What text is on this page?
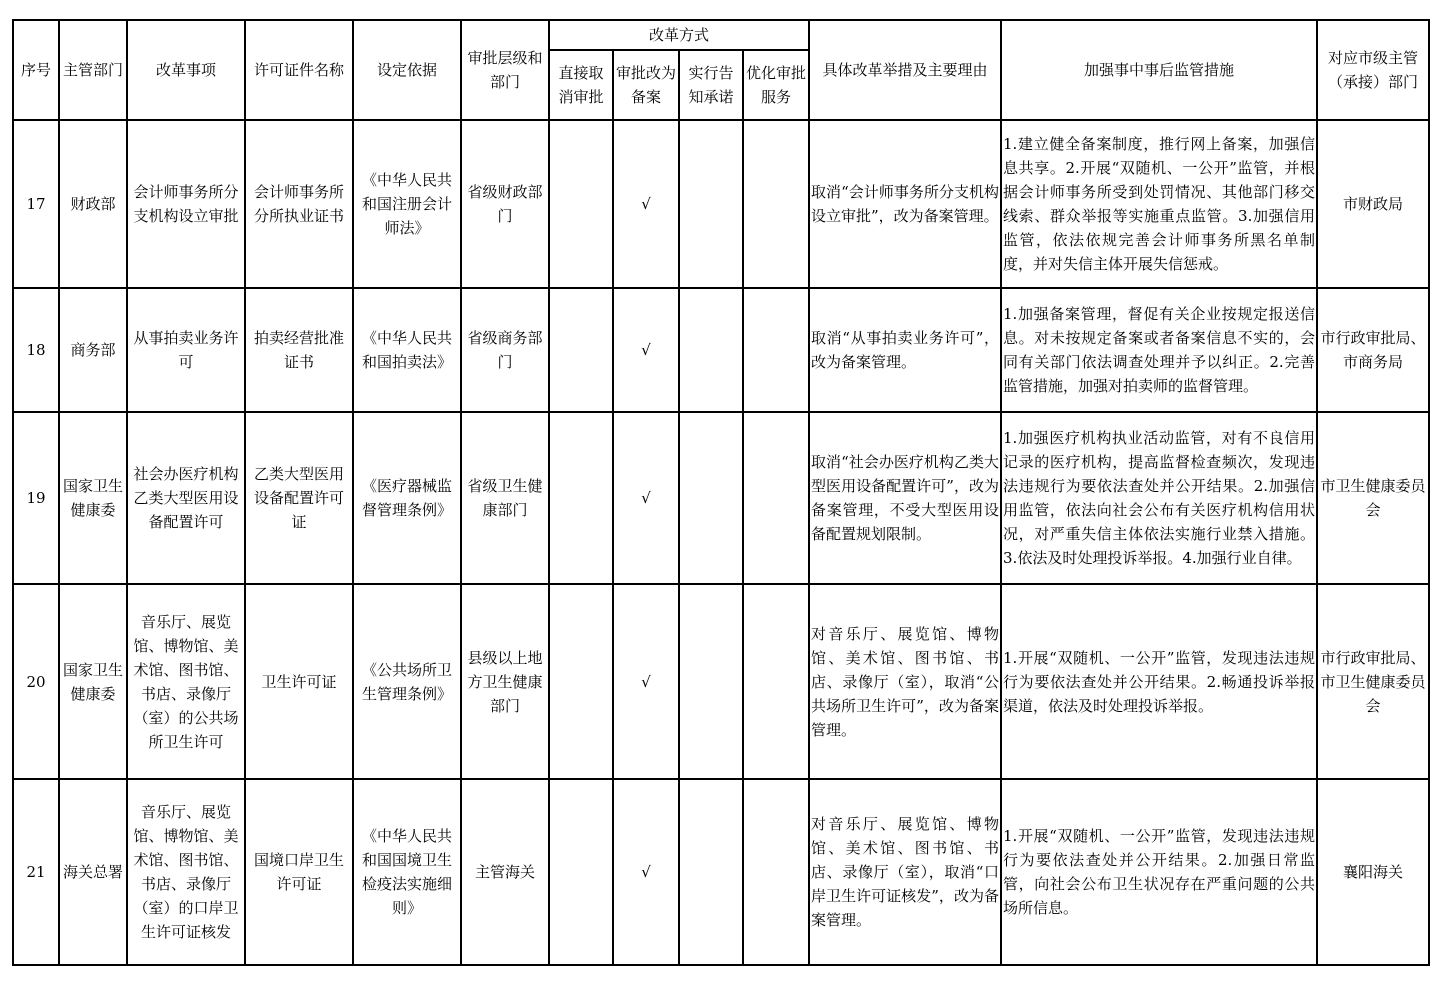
序号	主管部门	改革事项	许可证件名称	设定依据	审批层级和部门	改革方式				具体改革举措及主要理由	加强事中事后监管措施	对应市级主管（承接）部门
						直接取消审批	审批改为备案	实行告知承诺	优化审批服务			
17	财政部	会计师事务所分支机构设立审批	会计师事务所分所执业证书	《中华人民共和国注册会计师法》	省级财政部门		√			取消“会计师事务所分支机构设立审批”，改为备案管理。	1.建立健全备案制度，推行网上备案，加强信息共享。2.开展“双随机、一公开”监管，并根据会计师事务所受到处罚情况、其他部门移交线索、群众举报等实施重点监管。3.加强信用监管，依法依规完善会计师事务所黑名单制度，并对失信主体开展失信惩戒。	市财政局
18	商务部	从事拍卖业务许可	拍卖经营批准证书	《中华人民共和国拍卖法》	省级商务部门		√			取消“从事拍卖业务许可”，改为备案管理。	1.加强备案管理，督促有关企业按规定报送信息。对未按规定备案或者备案信息不实的，会同有关部门依法调查处理并予以纠正。2.完善监管措施，加强对拍卖师的监督管理。	市行政审批局、市商务局
19	国家卫生健康委	社会办医疗机构乙类大型医用设备配置许可	乙类大型医用设备配置许可证	《医疗器械监督管理条例》	省级卫生健康部门		√			取消“社会办医疗机构乙类大型医用设备配置许可”，改为备案管理，不受大型医用设备配置规划限制。	1.加强医疗机构执业活动监管，对有不良信用记录的医疗机构，提高监督检查频次，发现违法违规行为要依法查处并公开结果。2.加强信用监管，依法向社会公布有关医疗机构信用状况，对严重失信主体依法实施行业禁入措施。3.依法及时处理投诉举报。4.加强行业自律。	市卫生健康委员会
20	国家卫生健康委	音乐厅、展览馆、博物馆、美术馆、图书馆、书店、录像厅（室）的公共场所卫生许可	卫生许可证	《公共场所卫生管理条例》	县级以上地方卫生健康部门		√			对音乐厅、展览馆、博物馆、美术馆、图书馆、书店、录像厅（室），取消“公共场所卫生许可”，改为备案管理。	1.开展“双随机、一公开”监管，发现违法违规行为要依法查处并公开结果。2.畅通投诉举报渠道，依法及时处理投诉举报。	市行政审批局、市卫生健康委员会
21	海关总署	音乐厅、展览馆、博物馆、美术馆、图书馆、书店、录像厅（室）的口岸卫生许可证核发	国境口岸卫生许可证	《中华人民共和国国境卫生检疫法实施细则》	主管海关		√			对音乐厅、展览馆、博物馆、美术馆、图书馆、书店、录像厅（室），取消“口岸卫生许可证核发”，改为备案管理。	1.开展“双随机、一公开”监管，发现违法违规行为要依法查处并公开结果。2.加强日常监管，向社会公布卫生状况存在严重问题的公共场所信息。	襄阳海关
